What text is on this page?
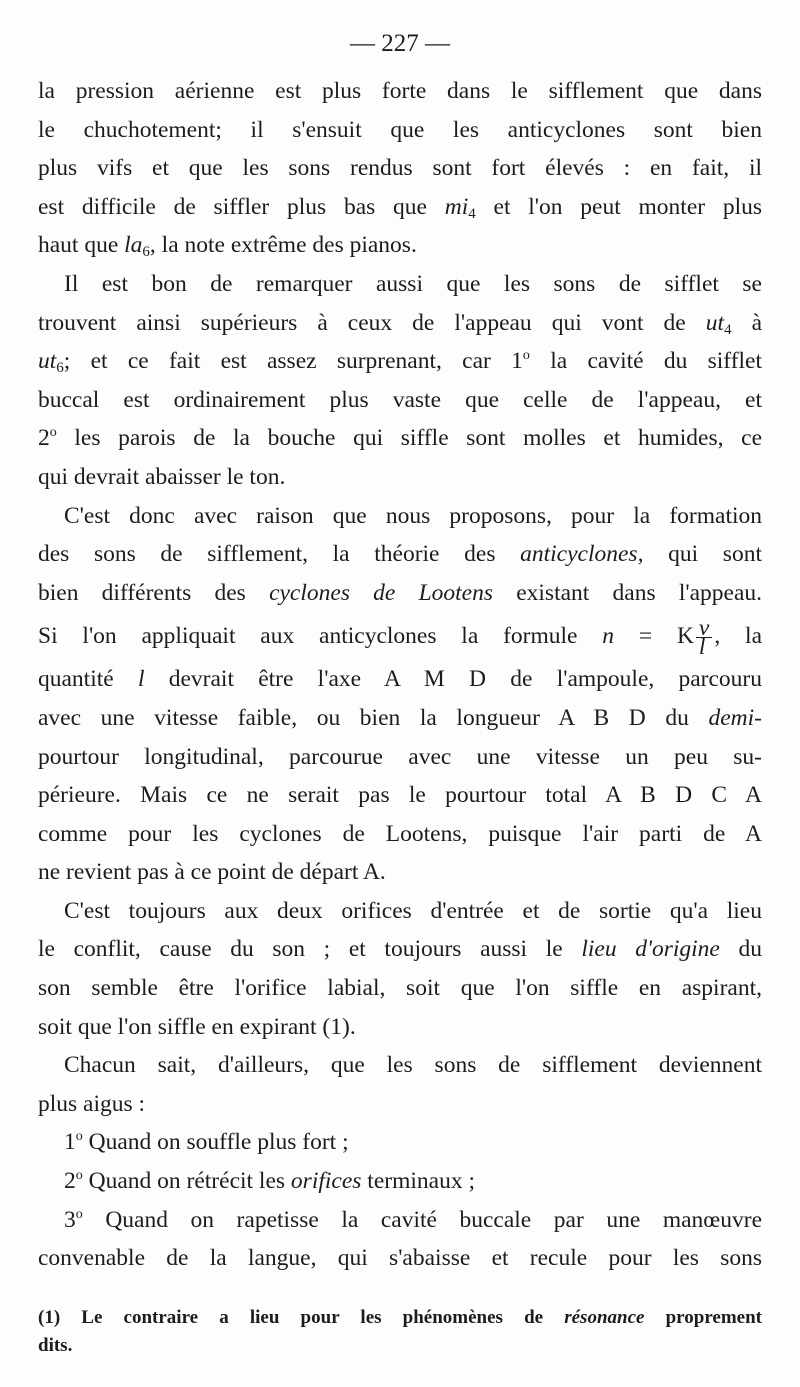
— 227 —
la pression aérienne est plus forte dans le sifflement que dans
le chuchotement; il s'ensuit que les anticyclones sont bien
plus vifs et que les sons rendus sont fort élevés : en fait, il
est difficile de siffler plus bas que $mi_4$ et l'on peut monter plus
haut que $la_6$, la note extrême des pianos.
Il est bon de remarquer aussi que les sons de sifflet se
trouvent ainsi supérieurs à ceux de l'appeau qui vont de $ut_4$ à
$ut_6$; et ce fait est assez surprenant, car 1$^o$ la cavité du sifflet
buccal est ordinairement plus vaste que celle de l'appeau, et
2$^o$ les parois de la bouche qui siffle sont molles et humides, ce
qui devrait abaisser le ton.
C'est donc avec raison que nous proposons, pour la formation
des sons de sifflement, la théorie des anticyclones, qui sont
bien différents des cyclones de Lootens existant dans l'appeau.
Si l'on appliquait aux anticyclones la formule n = K $\frac{v}{l}$ , la
quantité l devrait être l'axe A M D de l'ampoule, parcouru
avec une vitesse faible, ou bien la longueur A B D du demi-
pourtour longitudinal, parcourue avec une vitesse un peu su-
périeure. Mais ce ne serait pas le pourtour total A B D C A
comme pour les cyclones de Lootens, puisque l'air parti de A
ne revient pas à ce point de départ A.
C'est toujours aux deux orifices d'entrée et de sortie qu'a lieu
le conflit, cause du son ; et toujours aussi le lieu d'origine du
son semble être l'orifice labial, soit que l'on siffle en aspirant,
soit que l'on siffle en expirant (1).
Chacun sait, d'ailleurs, que les sons de sifflement deviennent
plus aigus :
1$^o$ Quand on souffle plus fort ;
2$^o$ Quand on rétrécit les orifices terminaux ;
3$^o$ Quand on rapetisse la cavité buccale par une manœuvre
convenable de la langue, qui s'abaisse et recule pour les sons
(1) Le contraire a lieu pour les phénomènes de résonance proprement
dits.
